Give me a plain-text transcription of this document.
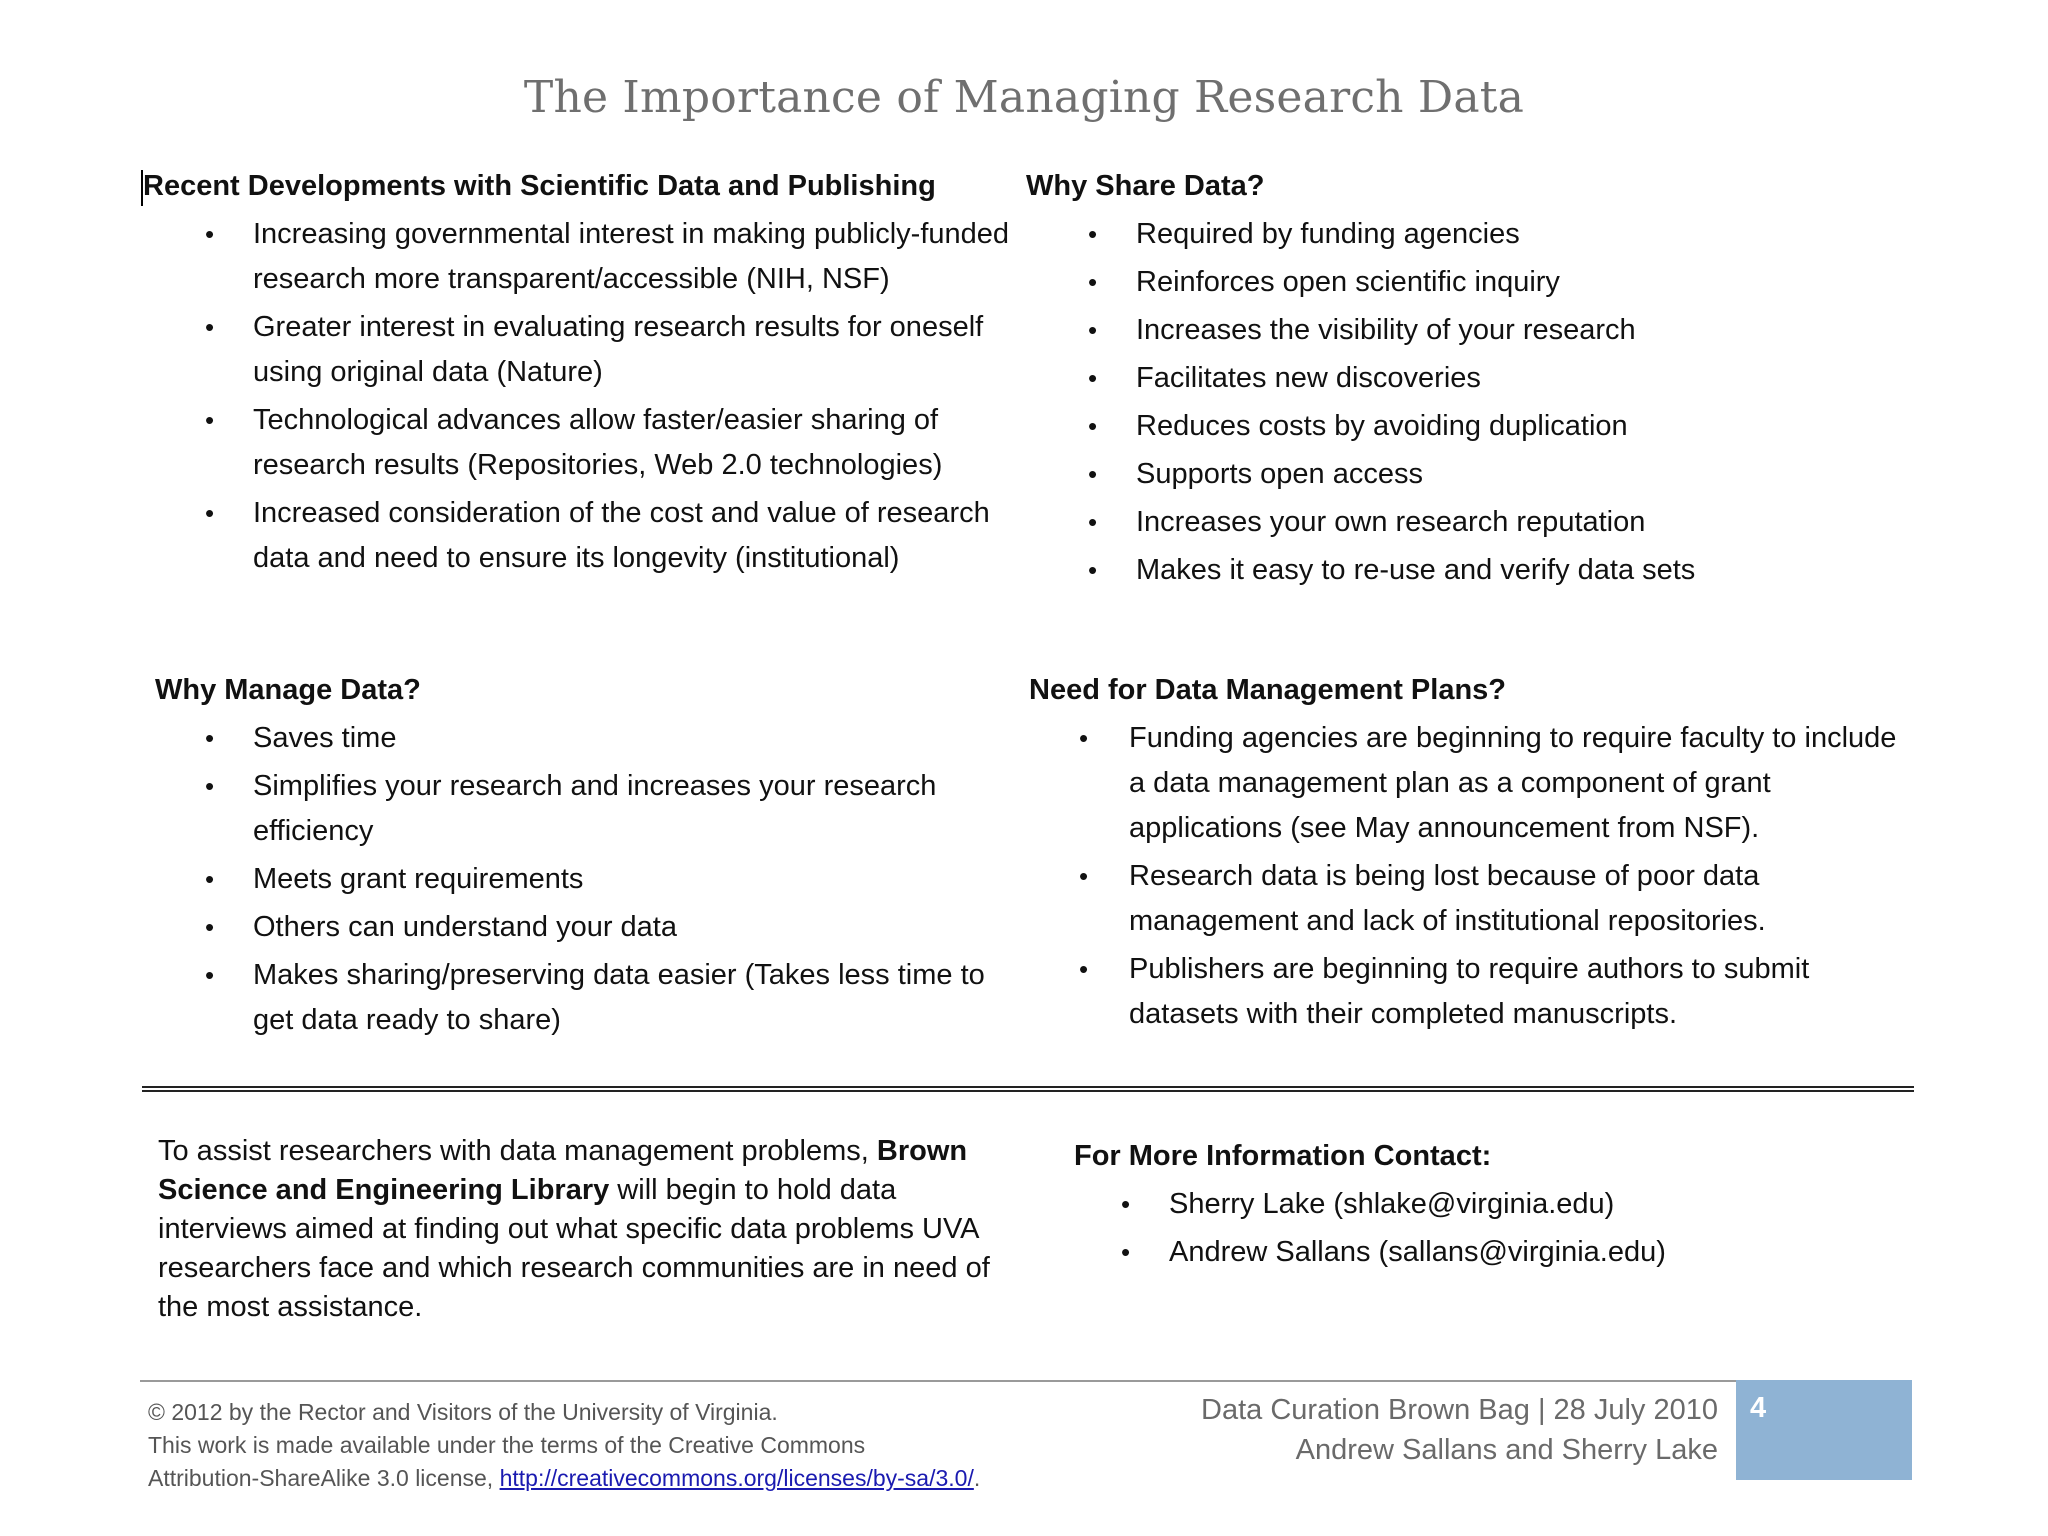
The Importance of Managing Research Data
Recent Developments with Scientific Data and Publishing
• Increasing governmental interest in making publicly-funded research more transparent/accessible (NIH, NSF)
• Greater interest in evaluating research results for oneself using original data (Nature)
• Technological advances allow faster/easier sharing of research results (Repositories, Web 2.0 technologies)
• Increased consideration of the cost and value of research data and need to ensure its longevity (institutional)
Why Share Data?
• Required by funding agencies
• Reinforces open scientific inquiry
• Increases the visibility of your research
• Facilitates new discoveries
• Reduces costs by avoiding duplication
• Supports open access
• Increases your own research reputation
• Makes it easy to re-use and verify data sets
Why Manage Data?
• Saves time
• Simplifies your research and increases your research efficiency
• Meets grant requirements
• Others can understand your data
• Makes sharing/preserving data easier (Takes less time to get data ready to share)
Need for Data Management Plans?
• Funding agencies are beginning to require faculty to include a data management plan as a component of grant applications (see May announcement from NSF).
• Research data is being lost because of poor data management and lack of institutional repositories.
• Publishers are beginning to require authors to submit datasets with their completed manuscripts.
To assist researchers with data management problems, Brown Science and Engineering Library will begin to hold data interviews aimed at finding out what specific data problems UVA researchers face and which research communities are in need of the most assistance.
For More Information Contact:
• Sherry Lake (shlake@virginia.edu)
• Andrew Sallans (sallans@virginia.edu)
© 2012 by the Rector and Visitors of the University of Virginia.
This work is made available under the terms of the Creative Commons
Attribution-ShareAlike 3.0 license, http://creativecommons.org/licenses/by-sa/3.0/.
Data Curation Brown Bag | 28 July 2010
Andrew Sallans and Sherry Lake
4
